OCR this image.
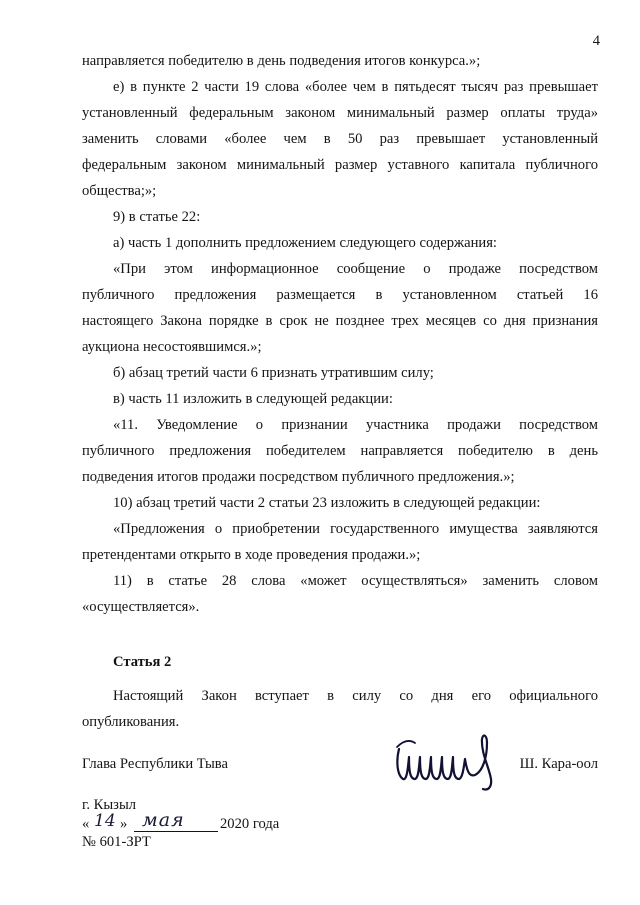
4

направляется победителю в день подведения итогов конкурса.»;

е) в пункте 2 части 19 слова «более чем в пятьдесят тысяч раз превышает

установленный федеральным законом минимальный размер оплаты труда»

заменить словами «более чем в 50 раз превышает установленный

федеральным законом минимальный размер уставного капитала публичного

общества;»;

9) в статье 22:

а) часть 1 дополнить предложением следующего содержания:

«При этом информационное сообщение о продаже посредством

публичного предложения размещается в установленном статьей 16

настоящего Закона порядке в срок не позднее трех месяцев со дня признания

аукциона несостоявшимся.»;

б) абзац третий части 6 признать утратившим силу;

в) часть 11 изложить в следующей редакции:

«11. Уведомление о признании участника продажи посредством

публичного предложения победителем направляется победителю в день

подведения итогов продажи посредством публичного предложения.»;

10) абзац третий части 2 статьи 23 изложить в следующей редакции:

«Предложения о приобретении государственного имущества заявляются

претендентами открыто в ходе проведения продажи.»;

11) в статье 28 слова «может осуществляться» заменить словом

«осуществляется».

Статья 2

Настоящий Закон вступает в силу со дня его официального

опубликования.

Глава Республики Тыва	Ш. Кара-оол
г. Кызыл
« 14 » мая 2020 года
№ 601-ЗРТ
